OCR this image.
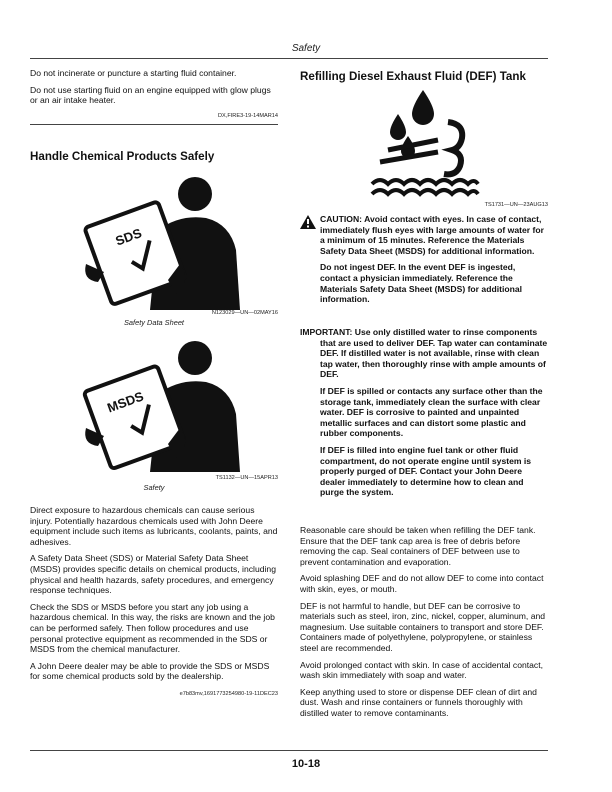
Safety

Do not incinerate or puncture a starting fluid container.

Do not use starting fluid on an engine equipped with glow plugs or an air intake heater.

DX,FIRE3-19-14MAR14

Handle Chemical Products Safely

SDS
N123029—UN—02MAY16
Safety Data Sheet
MSDS
TS1132—UN—15APR13
Safety

Direct exposure to hazardous chemicals can cause serious injury. Potentially hazardous chemicals used with John Deere equipment include such items as lubricants, coolants, paints, and adhesives.

A Safety Data Sheet (SDS) or Material Safety Data Sheet (MSDS) provides specific details on chemical products, including physical and health hazards, safety procedures, and emergency response techniques.

Check the SDS or MSDS before you start any job using a hazardous chemical. In this way, the risks are known and the job can be performed safely. Then follow procedures and use personal protective equipment as recommended in the SDS or MSDS from the chemical manufacturer.

A John Deere dealer may be able to provide the SDS or MSDS for some chemical products sold by the dealership.

e7b83mv,1691773254980-19-11DEC23

Refilling Diesel Exhaust Fluid (DEF) Tank

TS1731—UN—23AUG13

CAUTION: Avoid contact with eyes. In case of contact, immediately flush eyes with large amounts of water for a minimum of 15 minutes. Reference the Materials Safety Data Sheet (MSDS) for additional information.

Do not ingest DEF. In the event DEF is ingested, contact a physician immediately. Reference the Materials Safety Data Sheet (MSDS) for additional information.

IMPORTANT: Use only distilled water to rinse components that are used to deliver DEF. Tap water can contaminate DEF. If distilled water is not available, rinse with clean tap water, then thoroughly rinse with ample amounts of DEF.

If DEF is spilled or contacts any surface other than the storage tank, immediately clean the surface with clear water. DEF is corrosive to painted and unpainted metallic surfaces and can distort some plastic and rubber components.

If DEF is filled into engine fuel tank or other fluid compartment, do not operate engine until system is properly purged of DEF. Contact your John Deere dealer immediately to determine how to clean and purge the system.

Reasonable care should be taken when refilling the DEF tank. Ensure that the DEF tank cap area is free of debris before removing the cap. Seal containers of DEF between use to prevent contamination and evaporation.

Avoid splashing DEF and do not allow DEF to come into contact with skin, eyes, or mouth.

DEF is not harmful to handle, but DEF can be corrosive to materials such as steel, iron, zinc, nickel, copper, aluminum, and magnesium. Use suitable containers to transport and store DEF. Containers made of polyethylene, polypropylene, or stainless steel are recommended.

Avoid prolonged contact with skin. In case of accidental contact, wash skin immediately with soap and water.

Keep anything used to store or dispense DEF clean of dirt and dust. Wash and rinse containers or funnels thoroughly with distilled water to remove contaminants.

10-18
